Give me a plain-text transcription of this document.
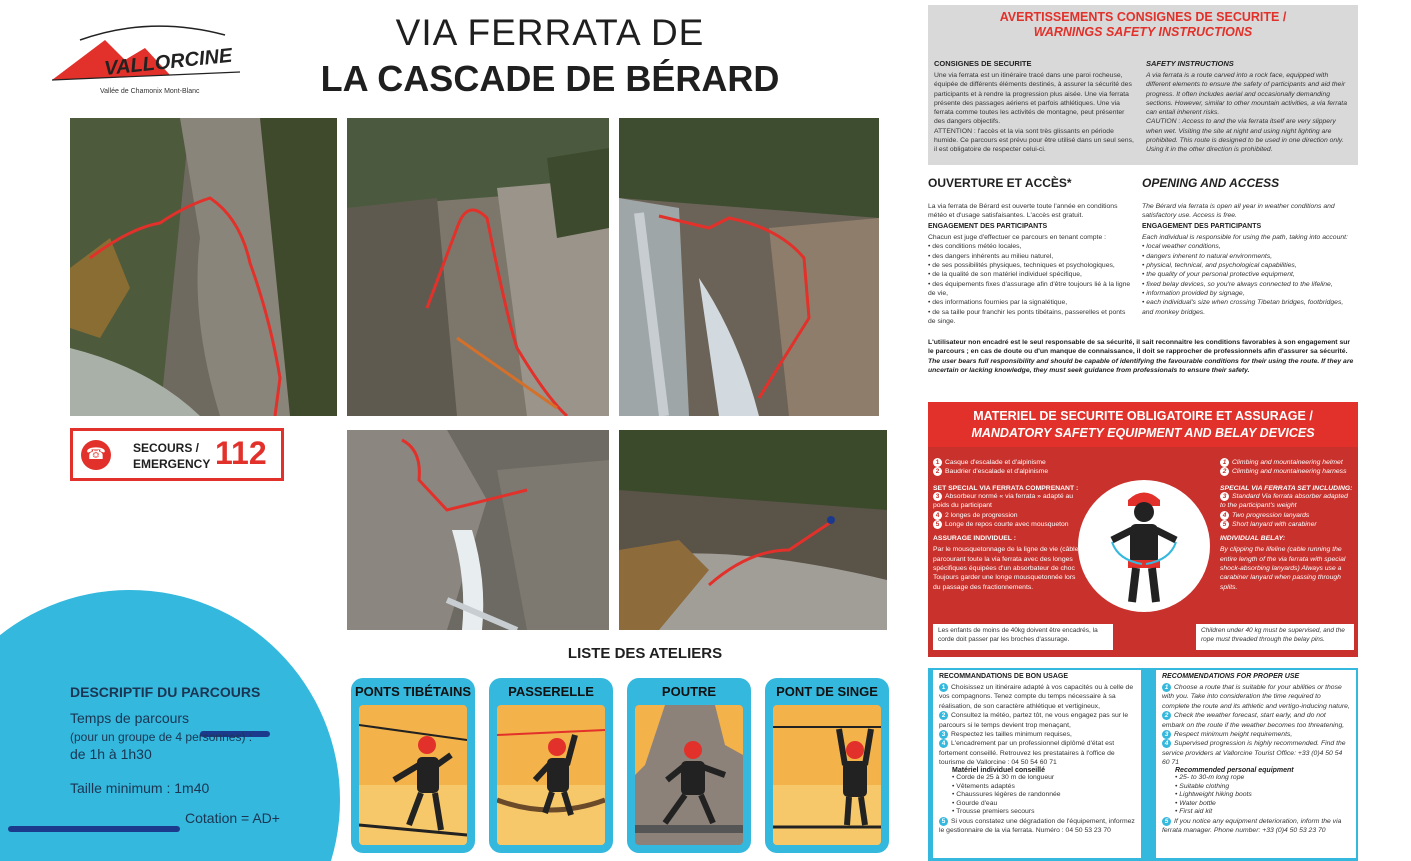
VALLORCINE
Vallée de Chamonix Mont-Blanc
VIA FERRATA DE
LA CASCADE DE BÉRARD
☎	SECOURS /
EMERGENCY 112
DESCRIPTIF DU PARCOURS
Temps de parcours
(pour un groupe de 4 personnes) :
de 1h à 1h30
Taille minimum : 1m40
Cotation = AD+
LISTE DES ATELIERS
PONTS TIBÉTAINS	PASSERELLE	POUTRE	PONT DE SINGE
AVERTISSEMENTS CONSIGNES DE SECURITE /
WARNINGS SAFETY INSTRUCTIONS
CONSIGNES DE SECURITE
Une via ferrata est un itinéraire tracé dans une paroi rocheuse, équipée de différents éléments destinés, à assurer la sécurité des participants et à rendre la progression plus aisée. Une via ferrata présente des passages aériens et parfois athlétiques. Une via ferrata comme toutes les activités de montagne, peut présenter des dangers objectifs.
ATTENTION : l'accès et la via sont très glissants en période humide. Ce parcours est prévu pour être utilisé dans un seul sens, il est obligatoire de respecter celui-ci.
SAFETY INSTRUCTIONS
A via ferrata is a route carved into a rock face, equipped with different elements to ensure the safety of participants and aid their progress. It often includes aerial and occasionally demanding sections. However, similar to other mountain activities, a via ferrata can entail inherent risks.
CAUTION : Access to and the via ferrata itself are very slippery when wet. Visiting the site at night and using night lighting are prohibited. This route is designed to be used in one direction only. Using it in the other direction is prohibited.
OUVERTURE ET ACCÈS*
La via ferrata de Bérard est ouverte toute l'année en conditions météo et d'usage satisfaisantes. L'accès est gratuit.
ENGAGEMENT DES PARTICIPANTS
Chacun est juge d'effectuer ce parcours en tenant compte :
• des conditions météo locales,
• des dangers inhérents au milieu naturel,
• de ses possibilités physiques, techniques et psychologiques,
• de la qualité de son matériel individuel spécifique,
• des équipements fixes d'assurage afin d'être toujours lié à la ligne de vie,
• des informations fournies par la signalétique,
• de sa taille pour franchir les ponts tibétains, passerelles et ponts de singe.
OPENING AND ACCESS
The Bérard via ferrata is open all year in weather conditions and satisfactory use. Access is free.
ENGAGEMENT DES PARTICIPANTS
Each individual is responsible for using the path, taking into account:
• local weather conditions,
• dangers inherent to natural environments,
• physical, technical, and psychological capabilities,
• the quality of your personal protective equipment,
• fixed belay devices, so you're always connected to the lifeline,
• information provided by signage,
• each individual's size when crossing Tibetan bridges, footbridges, and monkey bridges.
L'utilisateur non encadré est le seul responsable de sa sécurité, il sait reconnaitre les conditions favorables à son engagement sur le parcours ; en cas de doute ou d'un manque de connaissance, il doit se rapprocher de professionnels afin d'assurer sa sécurité.
The user bears full responsibility and should be capable of identifying the favourable conditions for their using the route. If they are uncertain or lacking knowledge, they must seek guidance from professionals to ensure their safety.
MATERIEL DE SECURITE OBLIGATOIRE ET ASSURAGE /
MANDATORY SAFETY EQUIPMENT AND BELAY DEVICES
1 Casque d'escalade et d'alpinisme
2 Baudrier d'escalade et d'alpinisme
SET SPECIAL VIA FERRATA COMPRENANT :
3 Absorbeur normé « via ferrata » adapté au poids du participant
4 2 longes de progression
5 Longe de repos courte avec mousqueton
ASSURAGE INDIVIDUEL :
Par le mousquetonnage de la ligne de vie (câble parcourant toute la via ferrata avec des longes spécifiques équipées d'un absorbateur de choc Toujours garder une longe mousquetonnée lors du passage des fractionnements.
1 Climbing and mountaineering helmet
2 Climbing and mountaineering harness
SPECIAL VIA FERRATA SET INCLUDING:
3 Standard Via ferrata absorber adapted to the participant's weight
4 Two progression lanyards
5 Short lanyard with carabiner
INDIVIDUAL BELAY:
By clipping the lifeline (cable running the entire length of the via ferrata with special shock-absorbing lanyards) Always use a carabiner lanyard when passing through splits.
Les enfants de moins de 40kg doivent être encadrés, la corde doit passer par les broches d'assurage.
Children under 40 kg must be supervised, and the rope must threaded through the belay pins.
RECOMMANDATIONS DE BON USAGE
1 Choisissez un itinéraire adapté à vos capacités ou à celle de vos compagnons. Tenez compte du temps nécessaire à sa réalisation, de son caractère athlétique et vertigineux,
2 Consultez la météo, partez tôt, ne vous engagez pas sur le parcours si le temps devient trop menaçant,
3 Respectez les tailles minimum requises,
4 L'encadrement par un professionnel diplômé d'état est fortement conseillé. Retrouvez les prestataires à l'office de tourisme de Vallorcine : 04 50 54 60 71
Matériel individuel conseillé
• Corde de 25 à 30 m de longueur
• Vêtements adaptés
• Chaussures légères de randonnée
• Gourde d'eau
• Trousse premiers secours
5 Si vous constatez une dégradation de l'équipement, informez le gestionnaire de la via ferrata. Numéro : 04 50 53 23 70
RECOMMENDATIONS FOR PROPER USE
1 Choose a route that is suitable for your abilities or those with you. Take into consideration the time required to complete the route and its athletic and vertigo-inducing nature,
2 Check the weather forecast, start early, and do not embark on the route if the weather becomes too threatening,
3 Respect minimum height requirements,
4 Supervised progression is highly recommended. Find the service providers at Vallorcine Tourist Office: +33 (0)4 50 54 60 71
Recommended personal equipment
• 25- to 30-m long rope
• Suitable clothing
• Lightweight hiking boots
• Water bottle
• First aid kit
5 If you notice any equipment deterioration, inform the via ferrata manager. Phone number: +33 (0)4 50 53 23 70
